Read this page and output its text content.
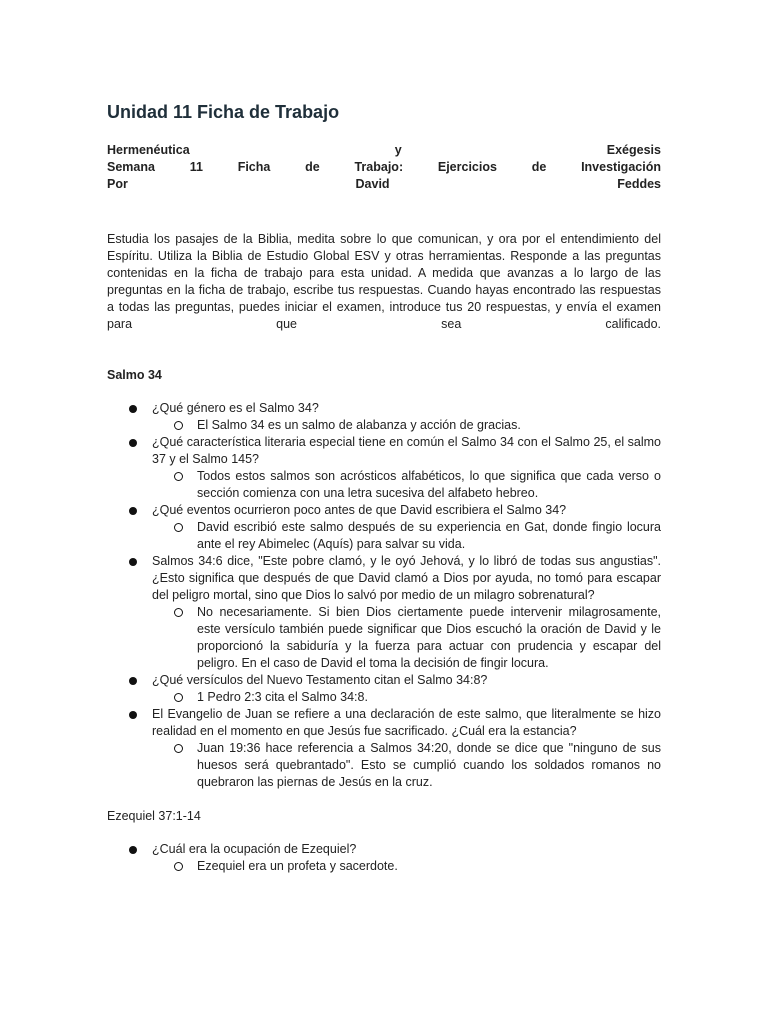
Unidad 11 Ficha de Trabajo
Hermenéutica	y	Exégesis
Semana	11	Ficha	de	Trabajo:	Ejercicios	de	Investigación
Por	David	Feddes

Estudia los pasajes de la Biblia, medita sobre lo que comunican, y ora por el entendimiento del Espíritu. Utiliza la Biblia de Estudio Global ESV y otras herramientas. Responde a las preguntas contenidas en la ficha de trabajo para esta unidad. A medida que avanzas a lo largo de las preguntas en la ficha de trabajo, escribe tus respuestas. Cuando hayas encontrado las respuestas a todas las preguntas, puedes iniciar el examen, introduce tus 20 respuestas, y envía el examen para que sea calificado.

Salmo 34
¿Qué género es el Salmo 34?
El Salmo 34 es un salmo de alabanza y acción de gracias.
¿Qué característica literaria especial tiene en común el Salmo 34 con el Salmo 25, el salmo 37 y el Salmo 145?
Todos estos salmos son acrósticos alfabéticos, lo que significa que cada verso o sección comienza con una letra sucesiva del alfabeto hebreo.
¿Qué eventos ocurrieron poco antes de que David escribiera el Salmo 34?
David escribió este salmo después de su experiencia en Gat, donde fingio locura ante el rey Abimelec (Aquís) para salvar su vida.
Salmos 34:6 dice, "Este pobre clamó, y le oyó Jehová, y lo libró de todas sus angustias". ¿Esto significa que después de que David clamó a Dios por ayuda, no tomó para escapar del peligro mortal, sino que Dios lo salvó por medio de un milagro sobrenatural?
No necesariamente. Si bien Dios ciertamente puede intervenir milagrosamente, este versículo también puede significar que Dios escuchó la oración de David y le proporcionó la sabiduría y la fuerza para actuar con prudencia y escapar del peligro. En el caso de David el toma la decisión de fingir locura.
¿Qué versículos del Nuevo Testamento citan el Salmo 34:8?
1 Pedro 2:3 cita el Salmo 34:8.
El Evangelio de Juan se refiere a una declaración de este salmo, que literalmente se hizo realidad en el momento en que Jesús fue sacrificado. ¿Cuál era la estancia?
Juan 19:36 hace referencia a Salmos 34:20, donde se dice que "ninguno de sus huesos será quebrantado". Esto se cumplió cuando los soldados romanos no quebraron las piernas de Jesús en la cruz.
Ezequiel 37:1-14
¿Cuál era la ocupación de Ezequiel?
Ezequiel era un profeta y sacerdote.
